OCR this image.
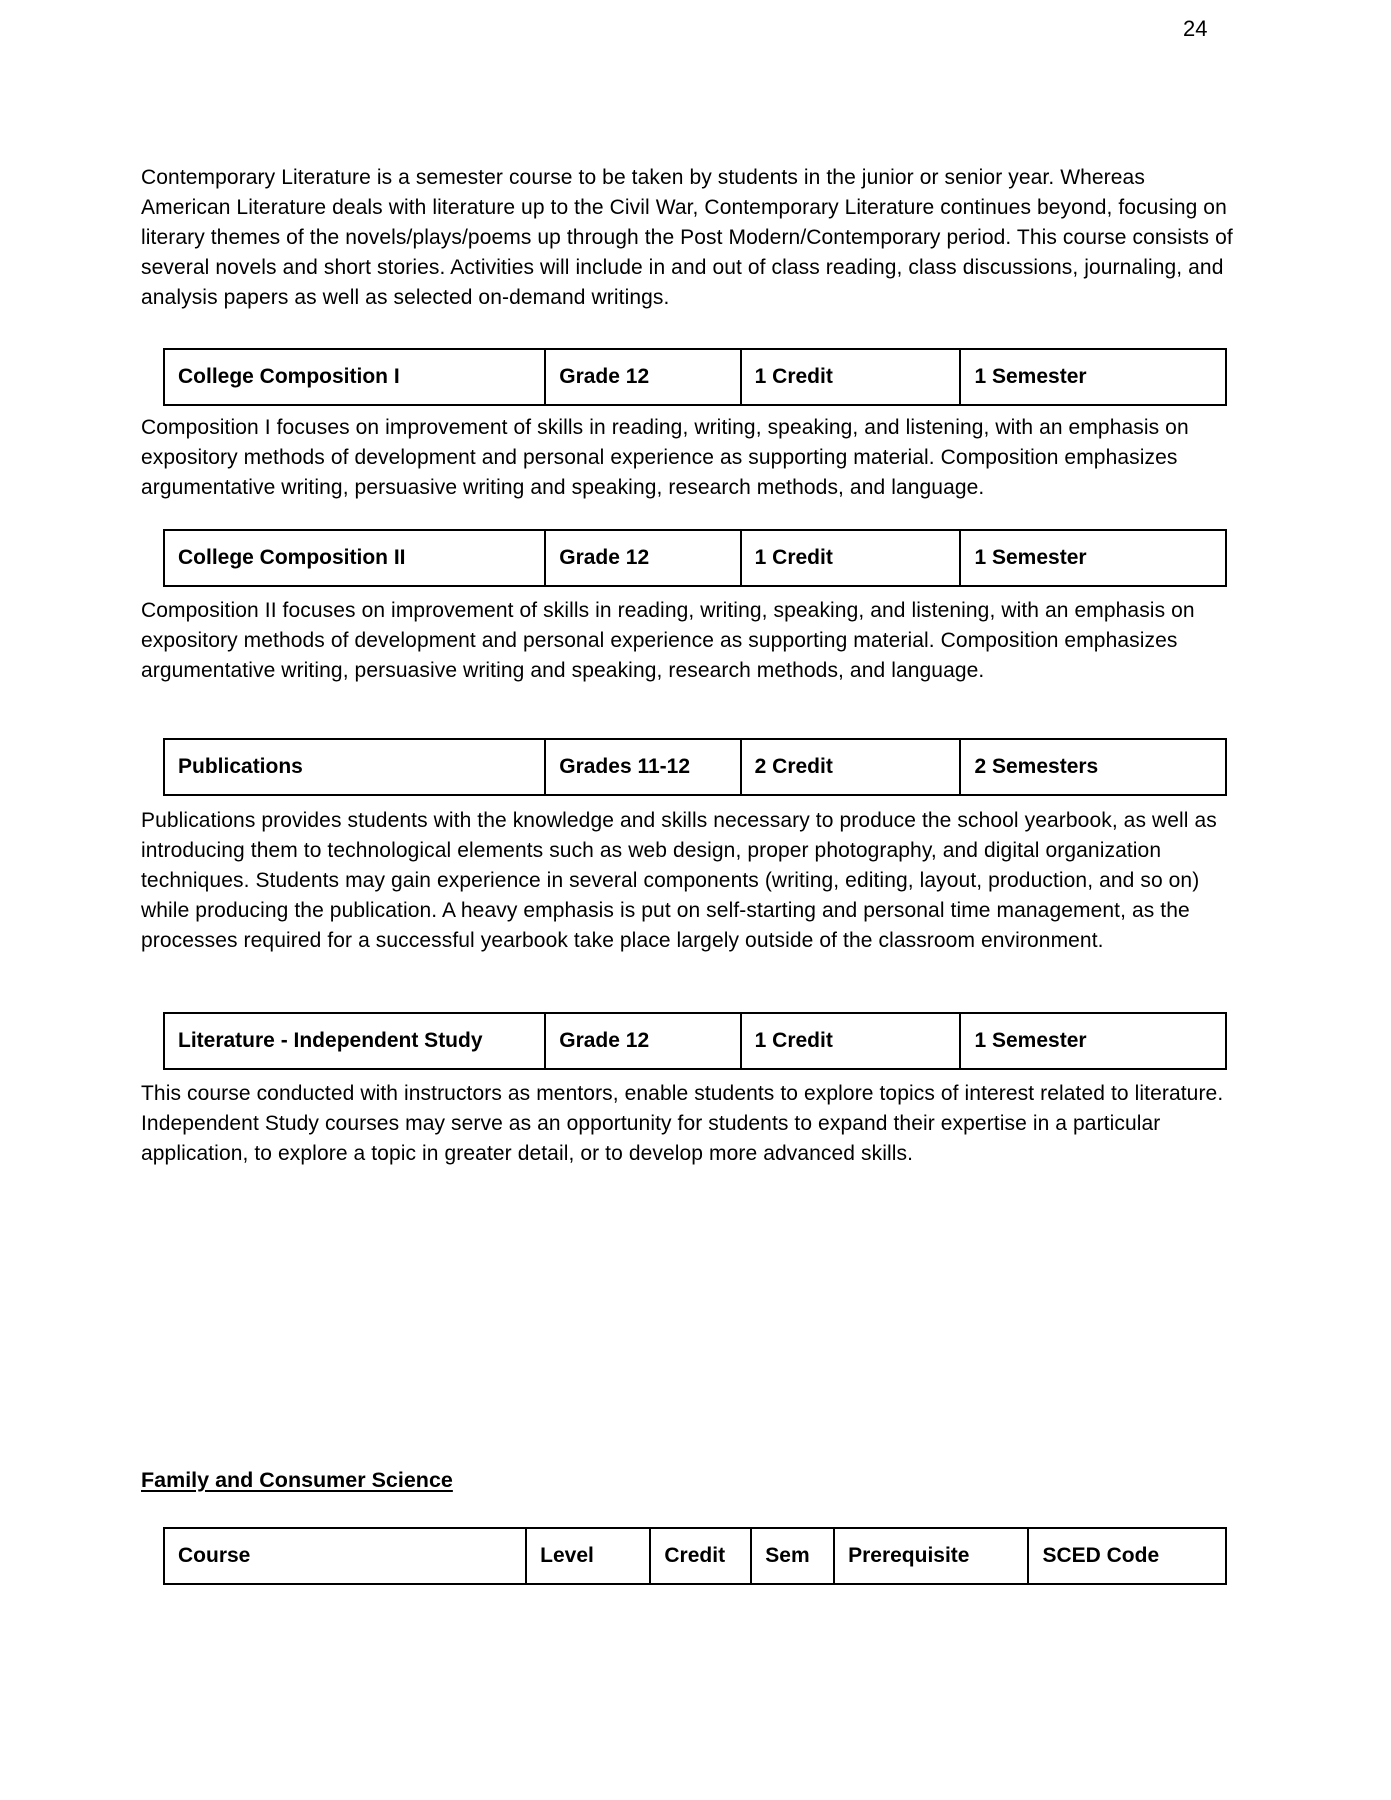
24
Contemporary Literature is a semester course to be taken by students in the junior or senior year. Whereas American Literature deals with literature up to the Civil War, Contemporary Literature continues beyond, focusing on literary themes of the novels/plays/poems up through the Post Modern/Contemporary period. This course consists of several novels and short stories. Activities will include in and out of class reading, class discussions, journaling, and analysis papers as well as selected on-demand writings.
College Composition I	Grade 12	1 Credit	1 Semester
Composition I focuses on improvement of skills in reading, writing, speaking, and listening, with an emphasis on expository methods of development and personal experience as supporting material. Composition emphasizes argumentative writing, persuasive writing and speaking, research methods, and language.
College Composition II	Grade 12	1 Credit	1 Semester
Composition II focuses on improvement of skills in reading, writing, speaking, and listening, with an emphasis on expository methods of development and personal experience as supporting material. Composition emphasizes argumentative writing, persuasive writing and speaking, research methods, and language.
Publications	Grades 11-12	2 Credit	2 Semesters
Publications provides students with the knowledge and skills necessary to produce the school yearbook, as well as introducing them to technological elements such as web design, proper photography, and digital organization techniques. Students may gain experience in several components (writing, editing, layout, production, and so on) while producing the publication. A heavy emphasis is put on self-starting and personal time management, as the processes required for a successful yearbook take place largely outside of the classroom environment.
Literature - Independent Study	Grade 12	1 Credit	1 Semester
This course conducted with instructors as mentors, enable students to explore topics of interest related to literature. Independent Study courses may serve as an opportunity for students to expand their expertise in a particular application, to explore a topic in greater detail, or to develop more advanced skills.
Family and Consumer Science
Course	Level	Credit	Sem	Prerequisite	SCED Code
